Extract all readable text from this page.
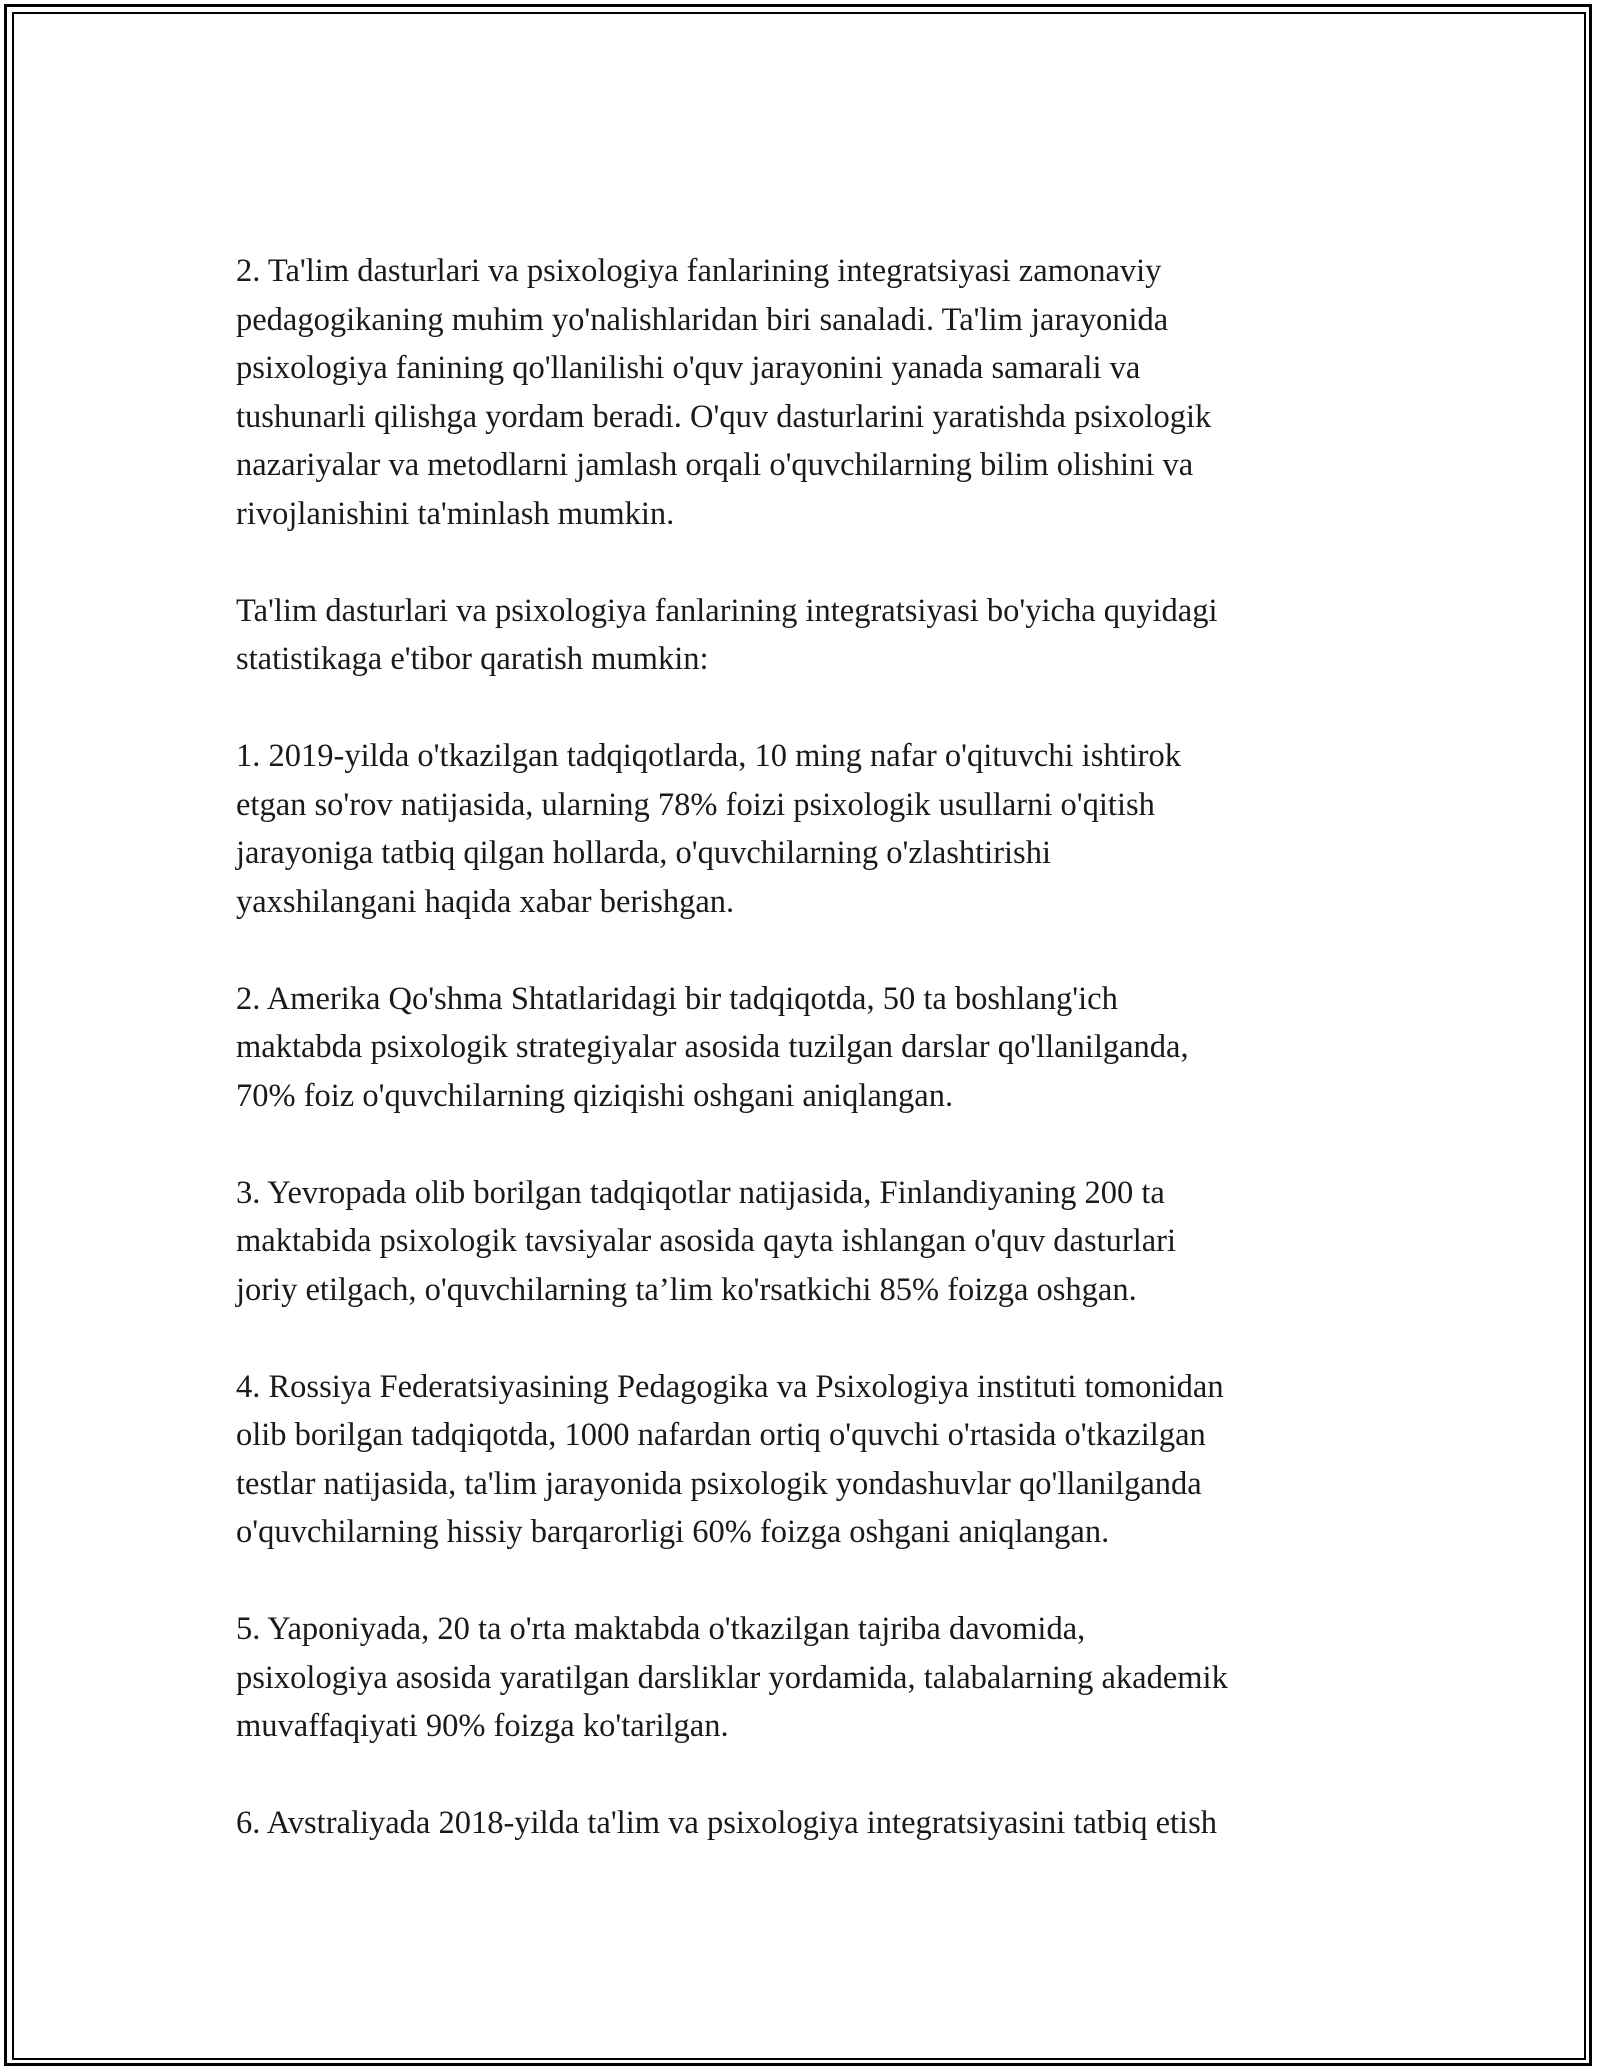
2. Ta'lim dasturlari va psixologiya fanlarining integratsiyasi zamonaviy
pedagogikaning muhim yo'nalishlaridan biri sanaladi. Ta'lim jarayonida
psixologiya fanining qo'llanilishi o'quv jarayonini yanada samarali va
tushunarli qilishga yordam beradi. O'quv dasturlarini yaratishda psixologik
nazariyalar va metodlarni jamlash orqali o'quvchilarning bilim olishini va
rivojlanishini ta'minlash mumkin.

Ta'lim dasturlari va psixologiya fanlarining integratsiyasi bo'yicha quyidagi
statistikaga e'tibor qaratish mumkin:

1. 2019-yilda o'tkazilgan tadqiqotlarda, 10 ming nafar o'qituvchi ishtirok
etgan so'rov natijasida, ularning 78% foizi psixologik usullarni o'qitish
jarayoniga tatbiq qilgan hollarda, o'quvchilarning o'zlashtirishi
yaxshilangani haqida xabar berishgan.

2. Amerika Qo'shma Shtatlaridagi bir tadqiqotda, 50 ta boshlang'ich
maktabda psixologik strategiyalar asosida tuzilgan darslar qo'llanilganda,
70% foiz o'quvchilarning qiziqishi oshgani aniqlangan.

3. Yevropada olib borilgan tadqiqotlar natijasida, Finlandiyaning 200 ta
maktabida psixologik tavsiyalar asosida qayta ishlangan o'quv dasturlari
joriy etilgach, o'quvchilarning ta’lim ko'rsatkichi 85% foizga oshgan.

4. Rossiya Federatsiyasining Pedagogika va Psixologiya instituti tomonidan
olib borilgan tadqiqotda, 1000 nafardan ortiq o'quvchi o'rtasida o'tkazilgan
testlar natijasida, ta'lim jarayonida psixologik yondashuvlar qo'llanilganda
o'quvchilarning hissiy barqarorligi 60% foizga oshgani aniqlangan.

5. Yaponiyada, 20 ta o'rta maktabda o'tkazilgan tajriba davomida,
psixologiya asosida yaratilgan darsliklar yordamida, talabalarning akademik
muvaffaqiyati 90% foizga ko'tarilgan.

6. Avstraliyada 2018-yilda ta'lim va psixologiya integratsiyasini tatbiq etish
